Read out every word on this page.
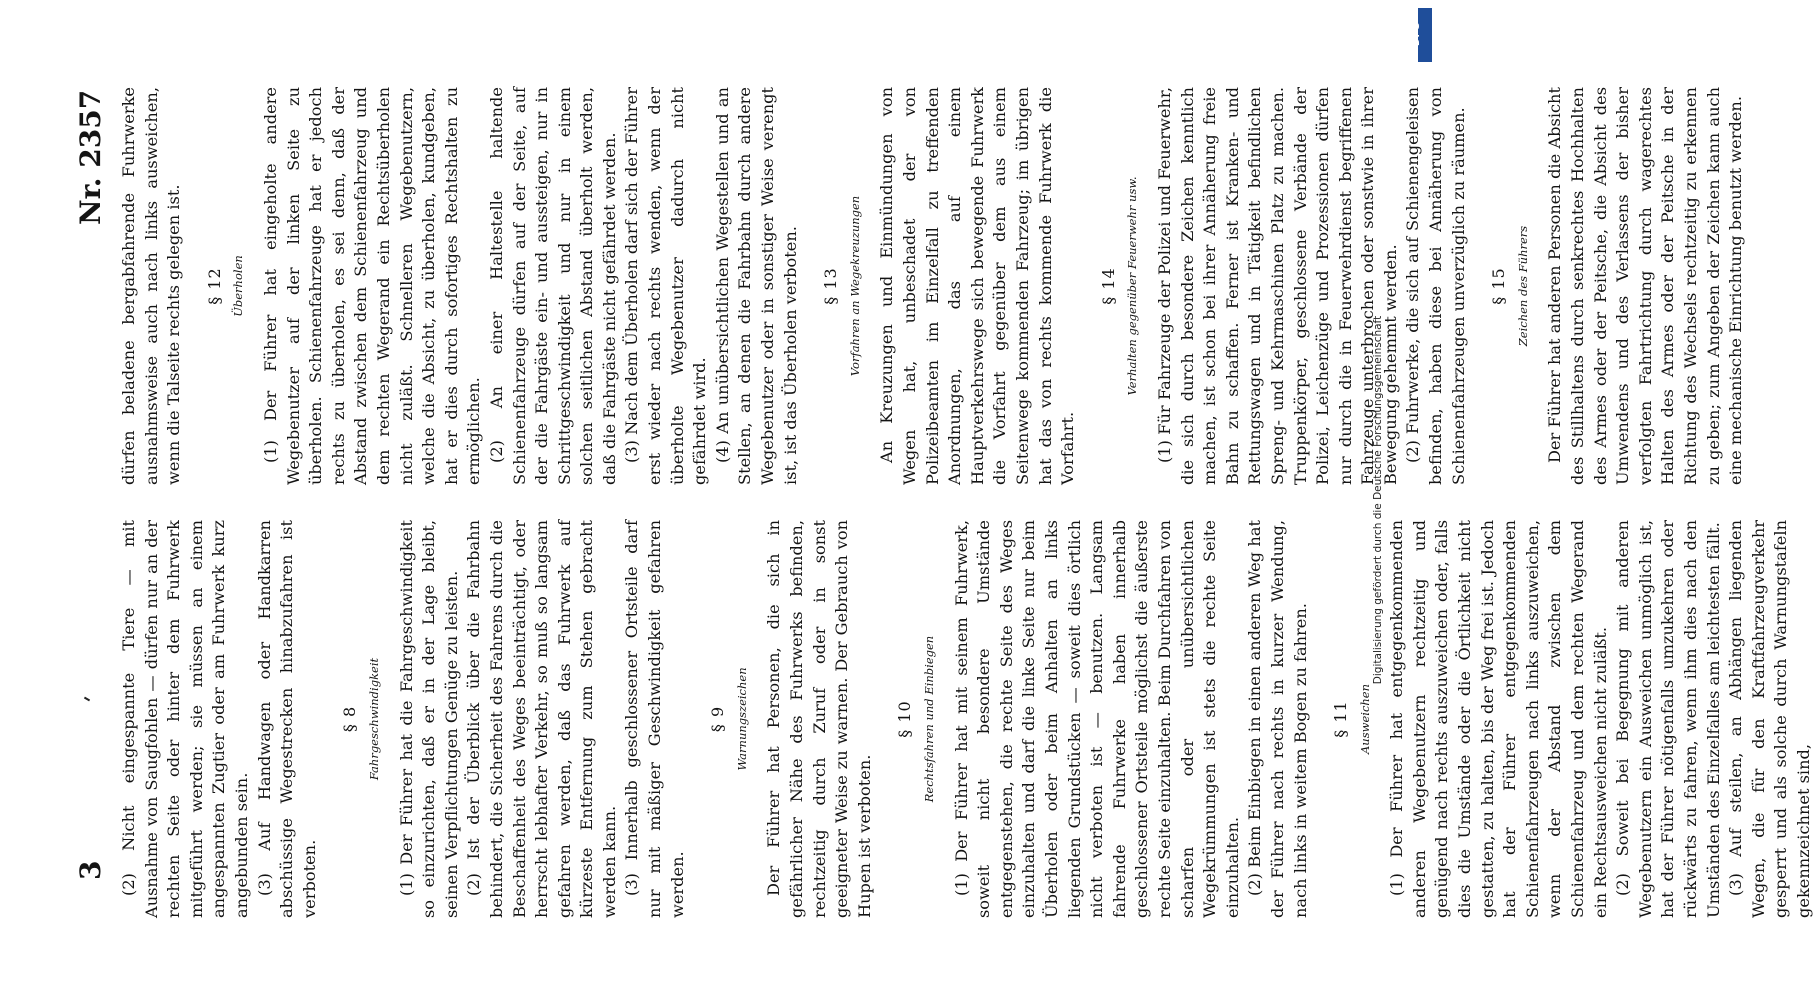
3
Nr. 2357

(2) Nicht eingespannte Tiere — mit Ausnahme von Saugfohlen — dürfen nur an der rechten Seite oder hinter dem Fuhrwerk mitgeführt werden; sie müssen an einem angespannten Zugtier oder am Fuhrwerk kurz angebunden sein. (3) Auf Handwagen oder Handkarren abschüssige Wegestrecken hinabzufahren ist verboten.

§ 8 Fahrgeschwindigkeit (1) Der Führer hat die Fahrgeschwindigkeit so einzurichten, daß er in der Lage bleibt, seinen Verpflichtungen Genüge zu leisten. (2) Ist der Überblick über die Fahrbahn behindert, die Sicherheit des Fahrens durch die Beschaffenheit des Weges beeinträchtigt, oder herrscht lebhafter Verkehr, so muß so langsam gefahren werden, daß das Fuhrwerk auf kürzeste Entfernung zum Stehen gebracht werden kann. (3) Innerhalb geschlossener Ortsteile darf nur mit mäßiger Geschwindigkeit gefahren werden.

§ 9 Warnungszeichen Der Führer hat Personen, die sich in gefährlicher Nähe des Fuhrwerks befinden, rechtzeitig durch Zuruf oder in sonst geeigneter Weise zu warnen. Der Gebrauch von Hupen ist verboten.

§ 10 Rechtsfahren und Einbiegen (1) Der Führer hat mit seinem Fuhrwerk, soweit nicht besondere Umstände entgegenstehen, die rechte Seite des Weges einzuhalten und darf die linke Seite nur beim Überholen oder beim Anhalten an links liegenden Grundstücken — soweit dies örtlich nicht verboten ist — benutzen. Langsam fahrende Fuhrwerke haben innerhalb geschlossener Ortsteile möglichst die äußerste rechte Seite einzuhalten. Beim Durchfahren von scharfen oder unübersichtlichen Wegekrümmungen ist stets die rechte Seite einzuhalten. (2) Beim Einbiegen in einen anderen Weg hat der Führer nach rechts in kurzer Wendung, nach links in weitem Bogen zu fahren. § 11 Ausweichen (1) Der Führer hat entgegenkommenden anderen Wegebenutzern rechtzeitig und genügend nach rechts auszuweichen oder, falls dies die Umstände oder die Örtlichkeit nicht gestatten, zu halten, bis der Weg frei ist. Jedoch hat der Führer entgegenkommenden Schienenfahrzeugen nach links auszuweichen, wenn der Abstand zwischen dem Schienenfahrzeug und dem rechten Wegerand ein Rechtsausweichen nicht zuläßt. (2) Soweit bei Begegnung mit anderen Wegebenutzern ein Ausweichen unmöglich ist, hat der Führer nötigenfalls umzukehren oder rückwärts zu fahren, wenn ihm dies nach den Umständen des Einzelfalles am leichtesten fällt. (3) Auf steilen, an Abhängen liegenden Wegen, die für den Kraftfahrzeugverkehr gesperrt und als solche durch Warnungstafeln gekennzeichnet sind,

dürfen beladene bergabfahrende Fuhrwerke ausnahmsweise auch nach links ausweichen, wenn die Talseite rechts gelegen ist. § 12 Überholen (1) Der Führer hat eingeholte andere Wegebenutzer auf der linken Seite zu überholen. Schienenfahrzeuge hat er jedoch rechts zu überholen, es sei denn, daß der Abstand zwischen dem Schienenfahrzeug und dem rechten Wegerand ein Rechtsüberholen nicht zuläßt. Schnelleren Wegebenutzern, welche die Absicht, zu überholen, kundgeben, hat er dies durch sofortiges Rechtshalten zu ermöglichen. (2) An einer Haltestelle haltende Schienenfahrzeuge dürfen auf der Seite, auf der die Fahrgäste ein- und aussteigen, nur in Schrittgeschwindigkeit und nur in einem solchen seitlichen Abstand überholt werden, daß die Fahrgäste nicht gefährdet werden. (3) Nach dem Überholen darf sich der Führer erst wieder nach rechts wenden, wenn der überholte Wegebenutzer dadurch nicht gefährdet wird. (4) An unübersichtlichen Wegestellen und an Stellen, an denen die Fahrbahn durch andere Wegebenutzer oder in sonstiger Weise verengt ist, ist das Überholen verboten. § 13 Vorfahren an Wegekreuzungen An Kreuzungen und Einmündungen von Wegen hat, unbeschadet der von Polizeibeamten im Einzelfall zu treffenden Anordnungen, das auf einem Hauptverkehrswege sich bewegende Fuhrwerk die Vorfahrt gegenüber dem aus einem Seitenwege kommenden Fahrzeug; im übrigen hat das von rechts kommende Fuhrwerk die Vorfahrt.

§ 14 Verhalten gegenüber Feuerwehr usw. (1) Für Fahrzeuge der Polizei und Feuerwehr, die sich durch besondere Zeichen kenntlich machen, ist schon bei ihrer Annäherung freie Bahn zu schaffen. Ferner ist Kranken- und Rettungswagen und in Tätigkeit befindlichen Spreng- und Kehrmaschinen Platz zu machen. Truppenkörper, geschlossene Verbände der Polizei, Leichenzüge und Prozessionen dürfen nur durch die in Feuerwehrdienst begriffenen Fahrzeuge unterbrochen oder sonstwie in ihrer Bewegung gehemmt werden. (2) Fuhrwerke, die sich auf Schienengeleisen befinden, haben diese bei Annäherung von Schienenfahrzeugen unverzüglich zu räumen. § 15 Zeichen des Führers Der Führer hat anderen Personen die Absicht des Stillhaltens durch senkrechtes Hochhalten des Armes oder der Peitsche, die Absicht des Umwendens und des Verlassens der bisher verfolgten Fahrtrichtung durch wagerechtes Halten des Armes oder der Peitsche in der Richtung des Wechsels rechtzeitig zu erkennen zu geben; zum Angeben der Zeichen kann auch eine mechanische Einrichtung benutzt werden.

Digitalisierung gefördert durch die Deutsche Forschungsgemeinschaft
DFG
